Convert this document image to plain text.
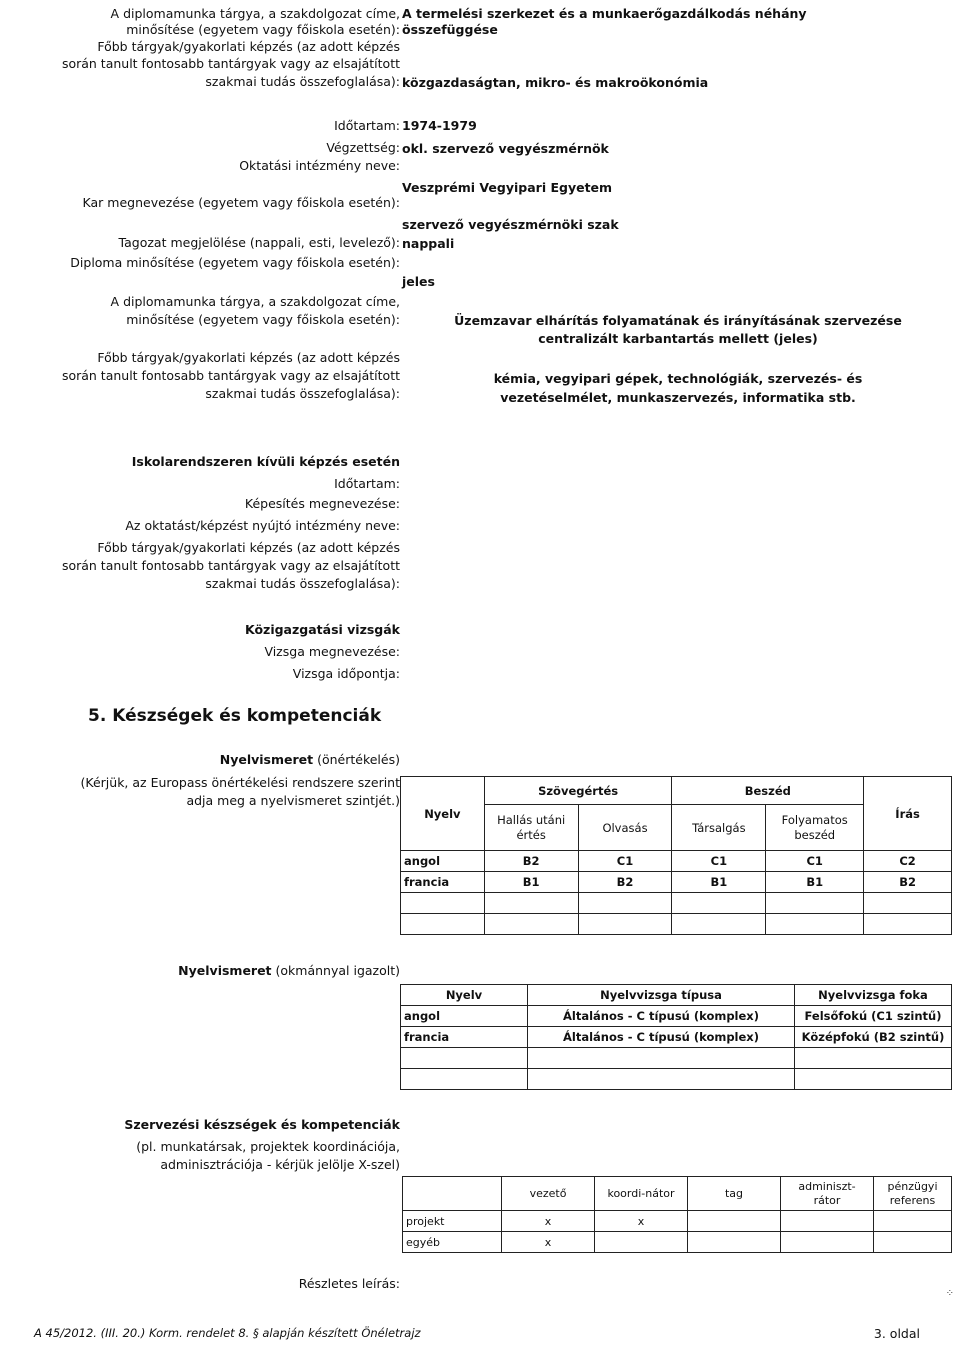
A diplomamunka tárgya, a szakdolgozat címe,
minősítése (egyetem vagy főiskola esetén):
A termelési szerkezet és a munkaerőgazdálkodás néhány
összefüggése
Főbb tárgyak/gyakorlati képzés (az adott képzés
során tanult fontosabb tantárgyak vagy az elsajátított
szakmai tudás összefoglalása): közgazdaságtan, mikro- és makroökonómia
Időtartam: 1974-1979
Végzettség: okl. szervező vegyészmérnök
Oktatási intézmény neve:
Veszprémi Vegyipari Egyetem
Kar megnevezése (egyetem vagy főiskola esetén):
szervező vegyészmérnöki szak
Tagozat megjelölése (nappali, esti, levelező): nappali
Diploma minősítése (egyetem vagy főiskola esetén):
jeles
A diplomamunka tárgya, a szakdolgozat címe,
minősítése (egyetem vagy főiskola esetén):	Üzemzavar elhárítás folyamatának és irányításának szervezése
centralizált karbantartás mellett (jeles)
Főbb tárgyak/gyakorlati képzés (az adott képzés
során tanult fontosabb tantárgyak vagy az elsajátított
szakmai tudás összefoglalása):
kémia, vegyipari gépek, technológiák, szervezés- és
vezetéselmélet, munkaszervezés, informatika stb.
Iskolarendszeren kívüli képzés esetén
Időtartam:
Képesítés megnevezése:
Az oktatást/képzést nyújtó intézmény neve:
Főbb tárgyak/gyakorlati képzés (az adott képzés
során tanult fontosabb tantárgyak vagy az elsajátított
szakmai tudás összefoglalása):
Közigazgatási vizsgák
Vizsga megnevezése:
Vizsga időpontja:
5. Készségek és kompetenciák
Nyelvismeret (önértékelés)
(Kérjük, az Europass önértékelési rendszere szerint
adja meg a nyelvismeret szintjét.)
Nyelv	Szövegértés		Beszéd		Írás
	Hallás utáni
értés	Olvasás	Társalgás	Folyamatos
beszéd	
angol	B2	C1	C1	C1	C2
francia	B1	B2	B1	B1	B2

Nyelvismeret (okmánnyal igazolt)
Nyelv	Nyelvvizsga típusa	Nyelvvizsga foka
angol	Általános - C típusú (komplex)	Felsőfokú (C1 szintű)
francia	Általános - C típusú (komplex)	Középfokú (B2 szintű)

Szervezési készségek és kompetenciák
(pl. munkatársak, projektek koordinációja,
adminisztrációja - kérjük jelölje X-szel)
	vezető	koordi-nátor	tag	adminiszt-
rátor	pénzügyi
referens
projekt	x	x			
egyéb	x				
Részletes leírás:
⁘
A 45/2012. (III. 20.) Korm. rendelet 8. § alapján készített Önéletrajz	3. oldal
